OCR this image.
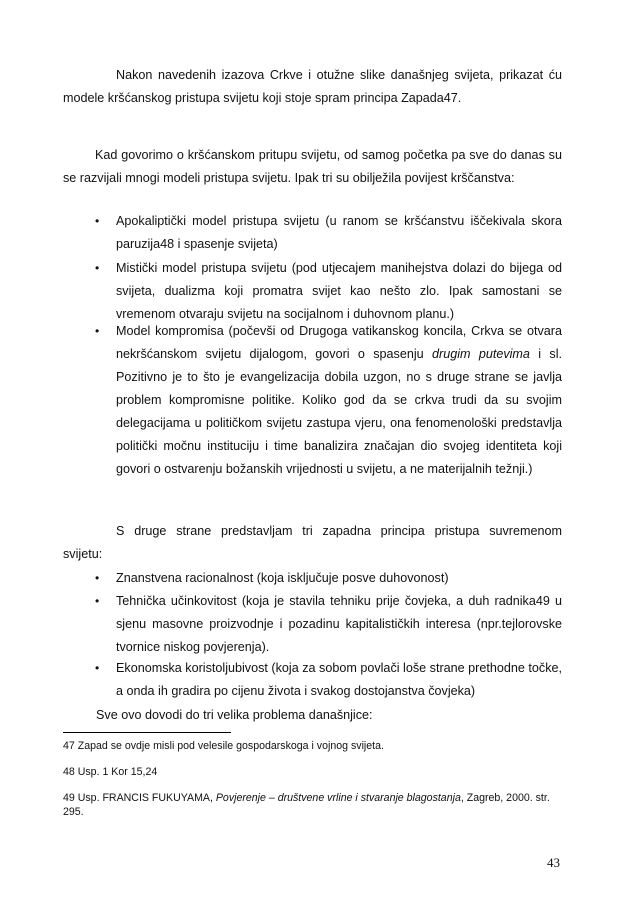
Nakon navedenih izazova Crkve i otužne slike današnjeg svijeta, prikazat ću modele kršćanskog pristupa svijetu koji stoje spram principa Zapada47.

Kad govorimo o kršćanskom pritupu svijetu, od samog početka pa sve do danas su se razvijali mnogi modeli pristupa svijetu. Ipak tri su obilježila povijest krščanstva:

• Apokaliptički model pristupa svijetu (u ranom se kršćanstvu iščekivala skora paruzija48 i spasenje svijeta)
• Mistički model pristupa svijetu (pod utjecajem manihejstva dolazi do bijega od svijeta, dualizma koji promatra svijet kao nešto zlo. Ipak samostani se vremenom otvaraju svijetu na socijalnom i duhovnom planu.)
• Model kompromisa (počevši od Drugoga vatikanskog koncila, Crkva se otvara nekršćanskom svijetu dijalogom, govori o spasenju drugim putevima i sl. Pozitivno je to što je evangelizacija dobila uzgon, no s druge strane se javlja problem kompromisne politike. Koliko god da se crkva trudi da su svojim delegacijama u političkom svijetu zastupa vjeru, ona fenomenološki predstavlja politički močnu instituciju i time banalizira značajan dio svojeg identiteta koji govori o ostvarenju božanskih vrijednosti u svijetu, a ne materijalnih težnji.)

S druge strane predstavljam tri zapadna principa pristupa suvremenom

svijetu:

• Znanstvena racionalnost (koja isključuje posve duhovonost)
• Tehnička učinkovitost (koja je stavila tehniku prije čovjeka, a duh radnika49 u sjenu masovne proizvodnje i pozadinu kapitalističkih interesa (npr.tejlorovske tvornice niskog povjerenja).
• Ekonomska koristoljubivost (koja za sobom povlači loše strane prethodne točke, a onda ih gradira po cijenu života i svakog dostojanstva čovjeka)

Sve ovo dovodi do tri velika problema današnjice:

47 Zapad se ovdje misli pod velesile gospodarskoga i vojnog svijeta.

48 Usp. 1 Kor 15,24

49 Usp. FRANCIS FUKUYAMA, Povjerenje – društvene vrline i stvaranje blagostanja, Zagreb, 2000. str. 295.

43
